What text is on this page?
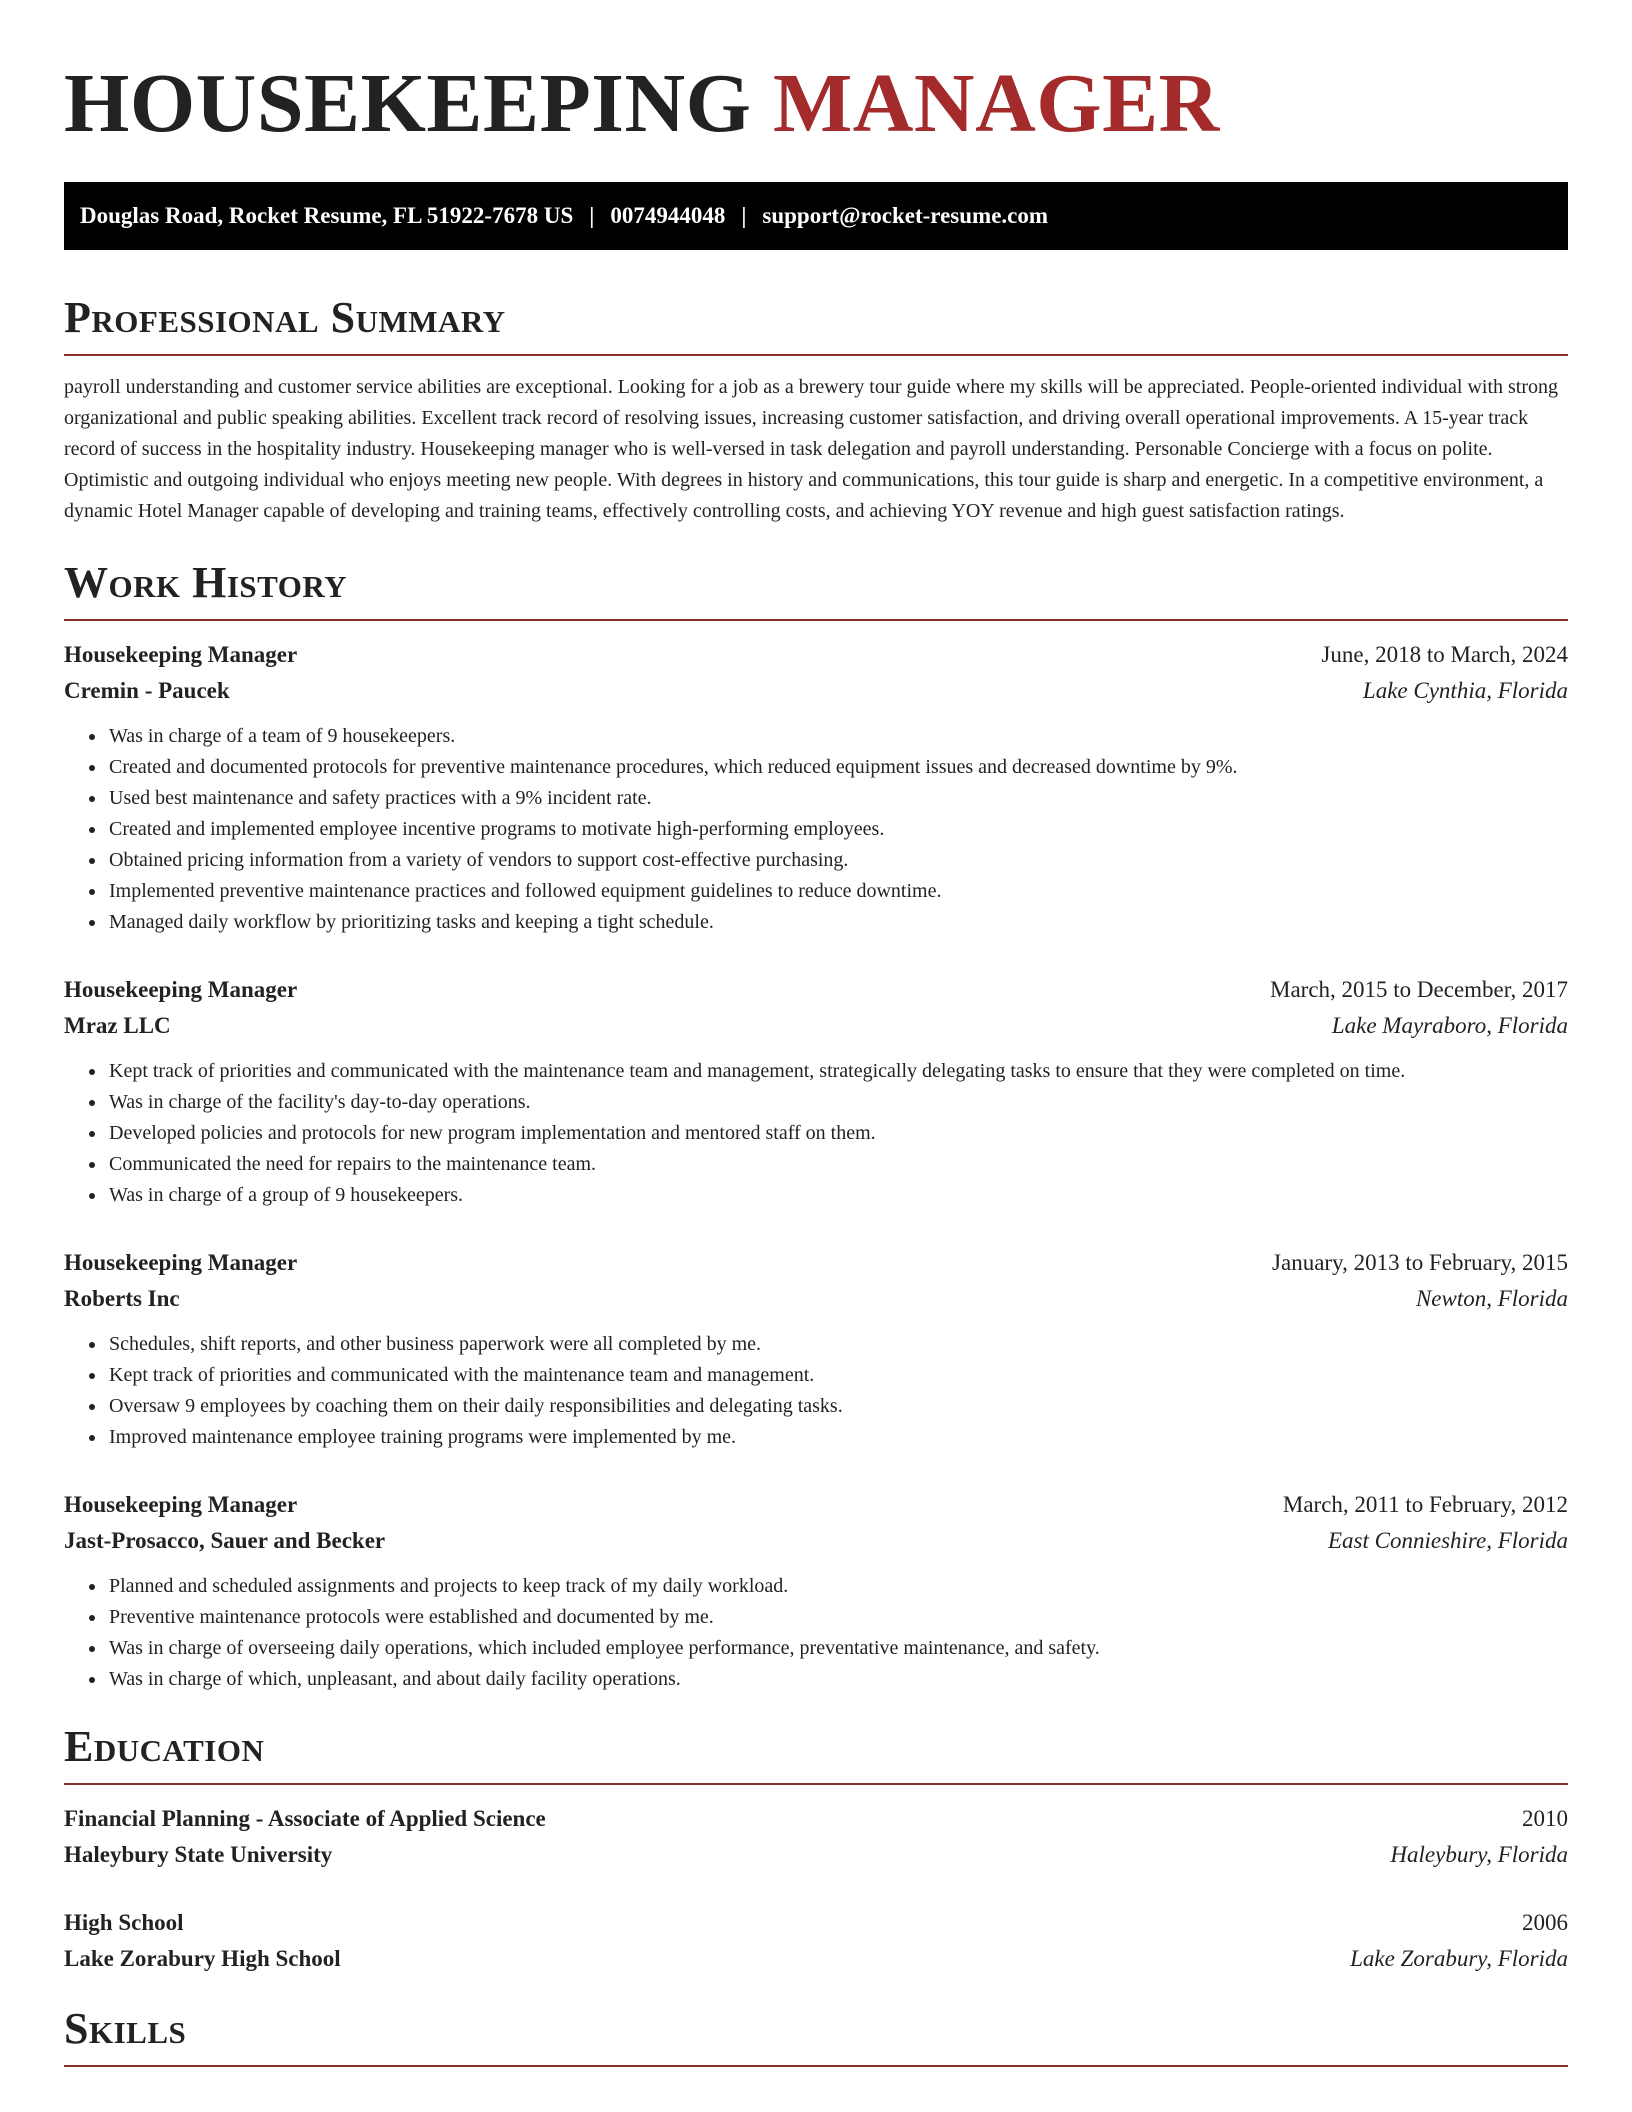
HOUSEKEEPING MANAGER
Douglas Road, Rocket Resume, FL 51922-7678 US | 0074944048 | support@rocket-resume.com
Professional Summary

payroll understanding and customer service abilities are exceptional. Looking for a job as a brewery tour guide where my skills will be appreciated. People-oriented individual with strong organizational and public speaking abilities. Excellent track record of resolving issues, increasing customer satisfaction, and driving overall operational improvements. A 15-year track record of success in the hospitality industry. Housekeeping manager who is well-versed in task delegation and payroll understanding. Personable Concierge with a focus on polite. Optimistic and outgoing individual who enjoys meeting new people. With degrees in history and communications, this tour guide is sharp and energetic. In a competitive environment, a dynamic Hotel Manager capable of developing and training teams, effectively controlling costs, and achieving YOY revenue and high guest satisfaction ratings.

Work History
Housekeeping Manager	June, 2018 to March, 2024
Cremin - Paucek	Lake Cynthia, Florida
• Was in charge of a team of 9 housekeepers.
• Created and documented protocols for preventive maintenance procedures, which reduced equipment issues and decreased downtime by 9%.
• Used best maintenance and safety practices with a 9% incident rate.
• Created and implemented employee incentive programs to motivate high-performing employees.
• Obtained pricing information from a variety of vendors to support cost-effective purchasing.
• Implemented preventive maintenance practices and followed equipment guidelines to reduce downtime.
• Managed daily workflow by prioritizing tasks and keeping a tight schedule.
Housekeeping Manager	March, 2015 to December, 2017
Mraz LLC	Lake Mayraboro, Florida
• Kept track of priorities and communicated with the maintenance team and management, strategically delegating tasks to ensure that they were completed on time.
• Was in charge of the facility's day-to-day operations.
• Developed policies and protocols for new program implementation and mentored staff on them.
• Communicated the need for repairs to the maintenance team.
• Was in charge of a group of 9 housekeepers.
Housekeeping Manager	January, 2013 to February, 2015
Roberts Inc	Newton, Florida
• Schedules, shift reports, and other business paperwork were all completed by me.
• Kept track of priorities and communicated with the maintenance team and management.
• Oversaw 9 employees by coaching them on their daily responsibilities and delegating tasks.
• Improved maintenance employee training programs were implemented by me.
Housekeeping Manager	March, 2011 to February, 2012
Jast-Prosacco, Sauer and Becker	East Connieshire, Florida
• Planned and scheduled assignments and projects to keep track of my daily workload.
• Preventive maintenance protocols were established and documented by me.
• Was in charge of overseeing daily operations, which included employee performance, preventative maintenance, and safety.
• Was in charge of which, unpleasant, and about daily facility operations.
Education
Financial Planning - Associate of Applied Science	2010
Haleybury State University	Haleybury, Florida
High School	2006
Lake Zorabury High School	Lake Zorabury, Florida
Skills
